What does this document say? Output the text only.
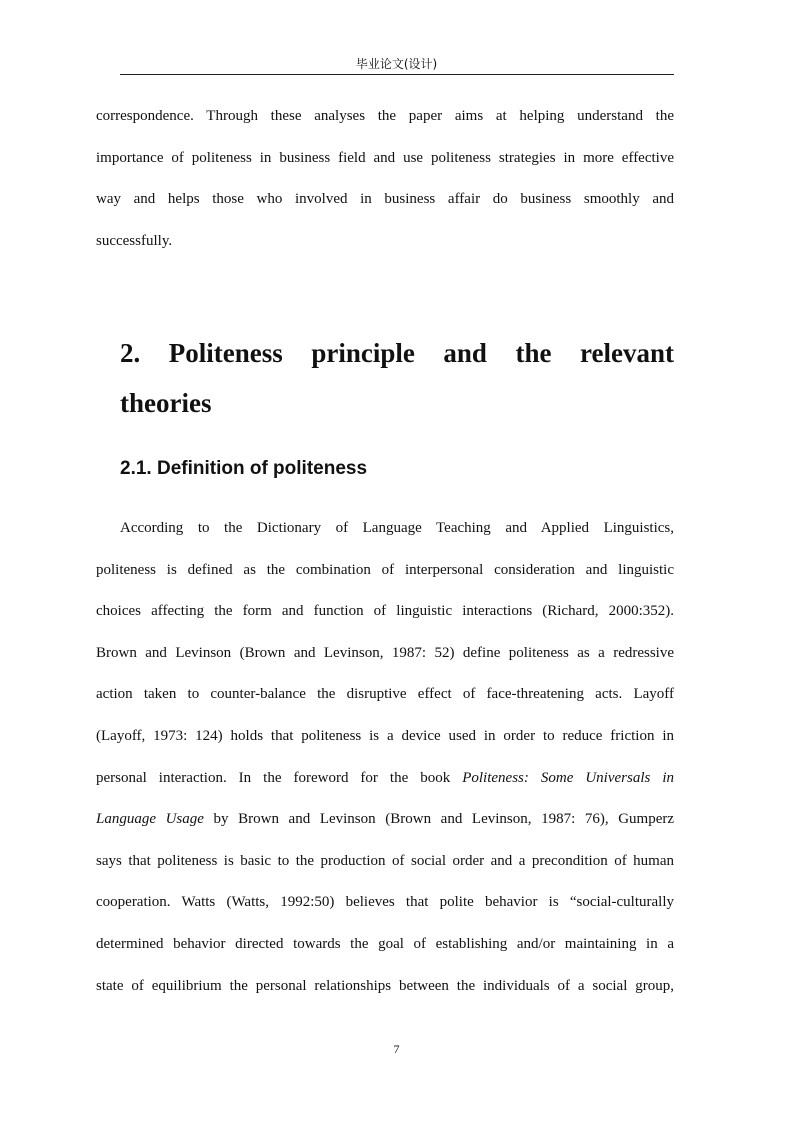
毕业论文(设计)
correspondence. Through these analyses the paper aims at helping understand the
importance of politeness in business field and use politeness strategies in more effective
way and helps those who involved in business affair do business smoothly and
successfully.
2. Politeness principle and the relevant
theories
2.1. Definition of politeness
According to the Dictionary of Language Teaching and Applied Linguistics,
politeness is defined as the combination of interpersonal consideration and linguistic
choices affecting the form and function of linguistic interactions (Richard, 2000:352).
Brown and Levinson (Brown and Levinson, 1987: 52) define politeness as a redressive
action taken to counter-balance the disruptive effect of face-threatening acts. Layoff
(Layoff, 1973: 124) holds that politeness is a device used in order to reduce friction in
personal interaction. In the foreword for the book Politeness: Some Universals in
Language Usage by Brown and Levinson (Brown and Levinson, 1987: 76), Gumperz
says that politeness is basic to the production of social order and a precondition of human
cooperation. Watts (Watts, 1992:50) believes that polite behavior is “social-culturally
determined behavior directed towards the goal of establishing and/or maintaining in a
state of equilibrium the personal relationships between the individuals of a social group,
7
